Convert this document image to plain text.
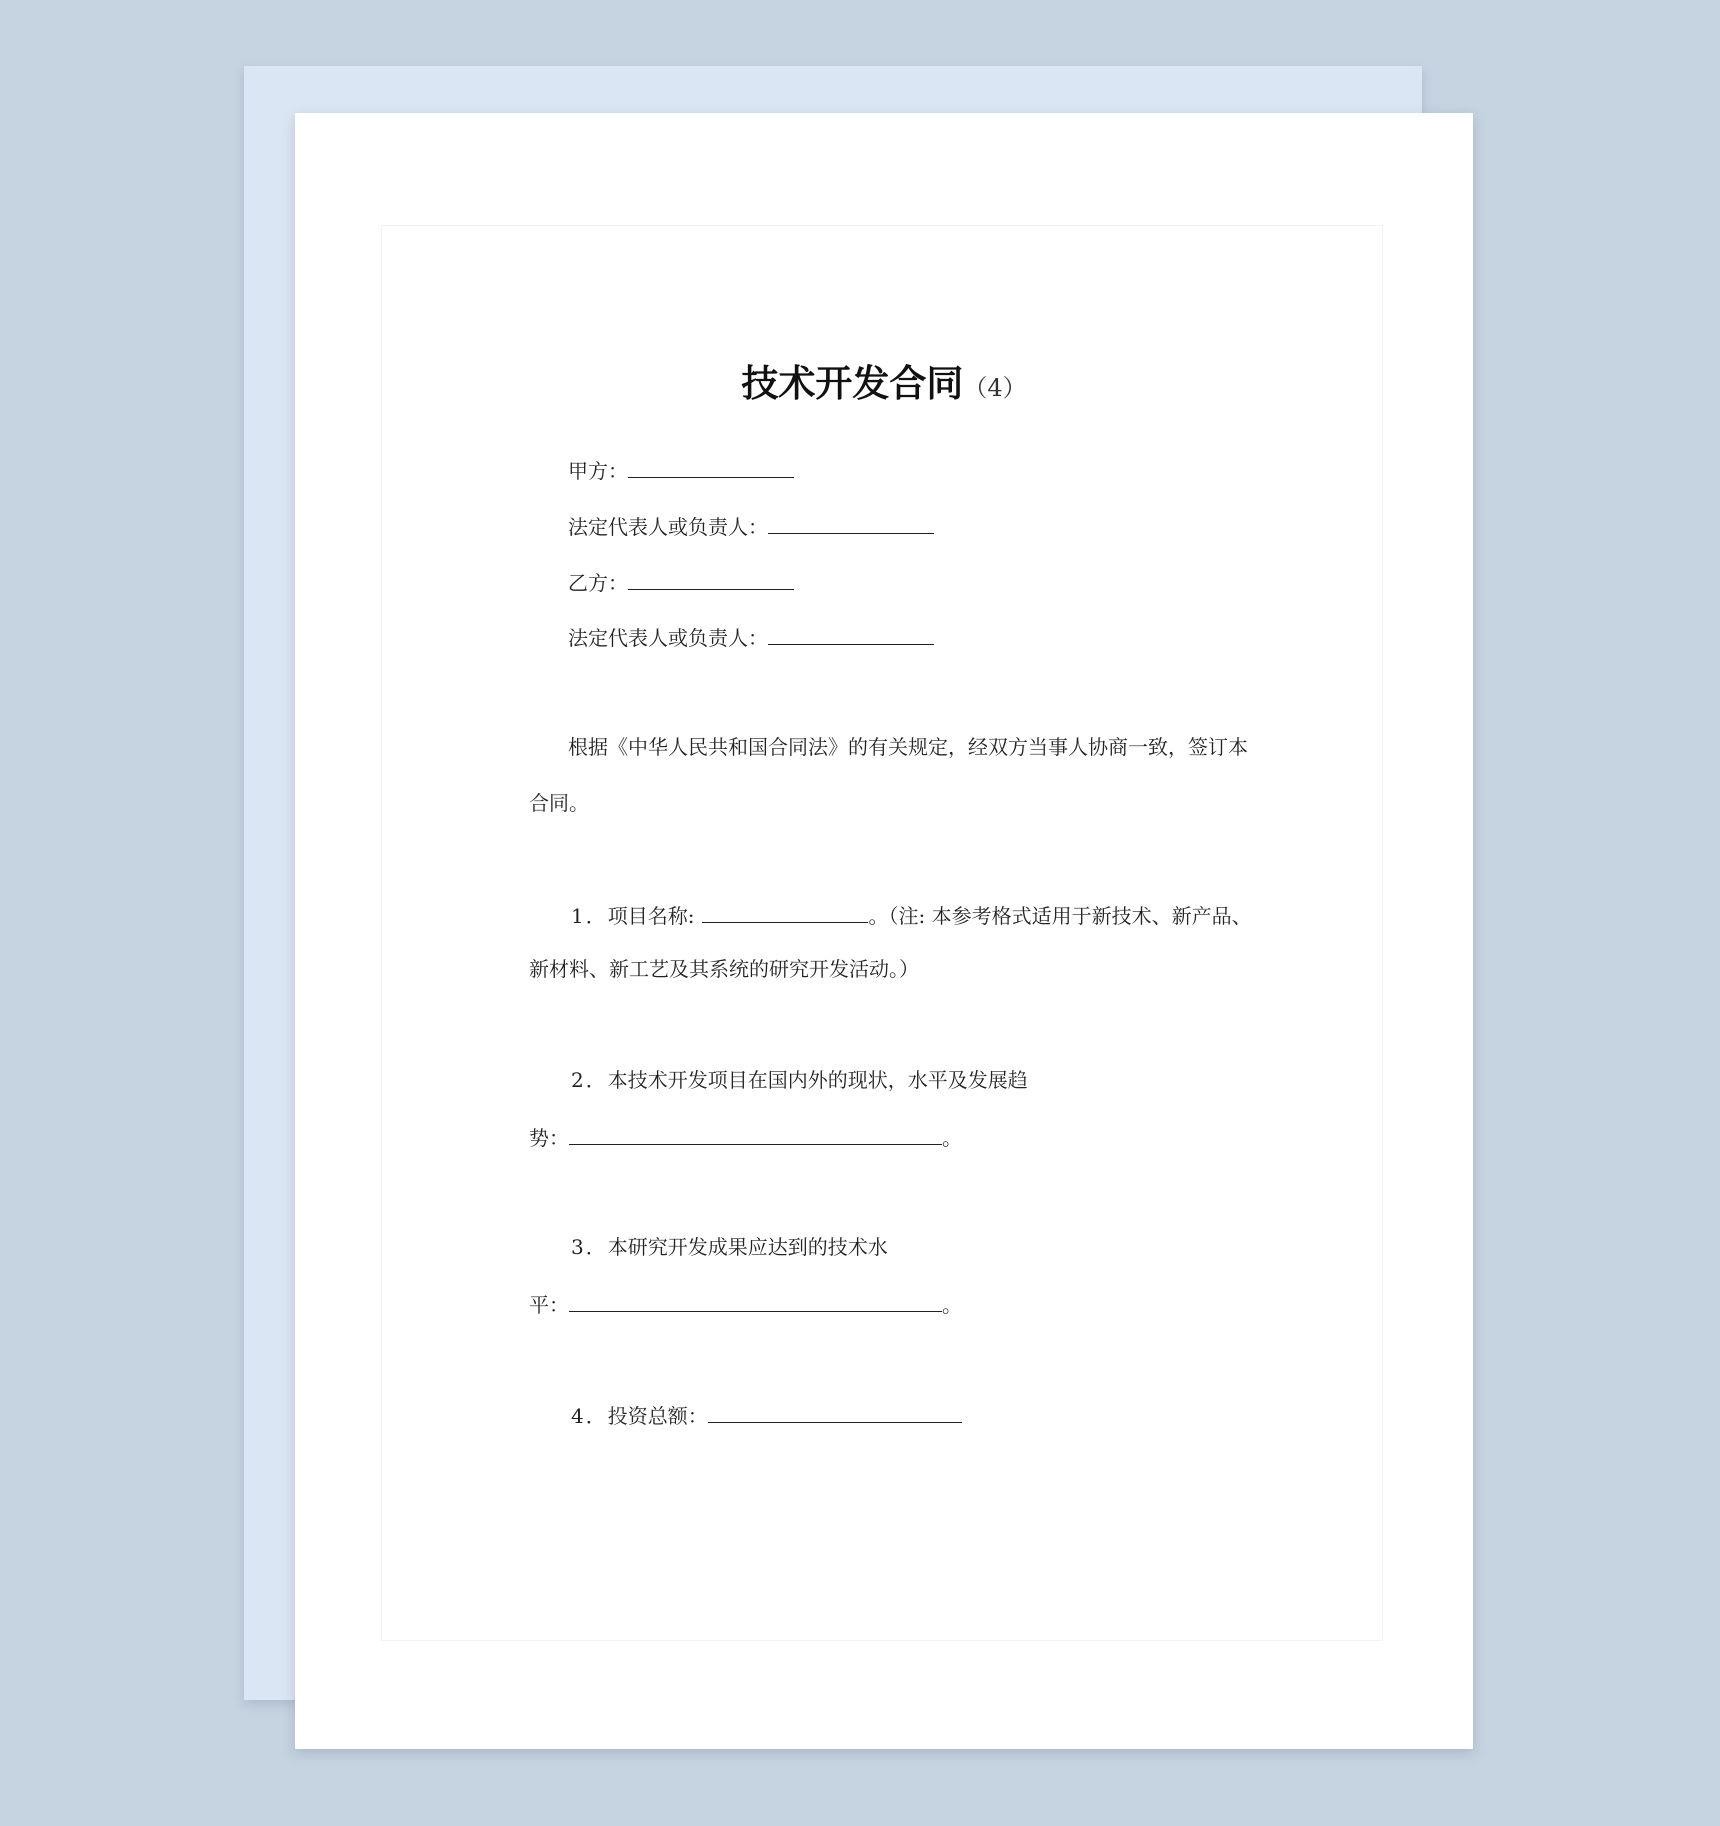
技术开发合同（4）
甲方：
法定代表人或负责人：
乙方：
法定代表人或负责人：
根据《中华人民共和国合同法》的有关规定，经双方当事人协商一致，签订本
合同。
1．项目名称:	。（注: 本参考格式适用于新技术、新产品、
新材料、新工艺及其系统的研究开发活动。）
2．本技术开发项目在国内外的现状，水平及发展趋
势：	。
3．本研究开发成果应达到的技术水
平：	。
4．投资总额：
